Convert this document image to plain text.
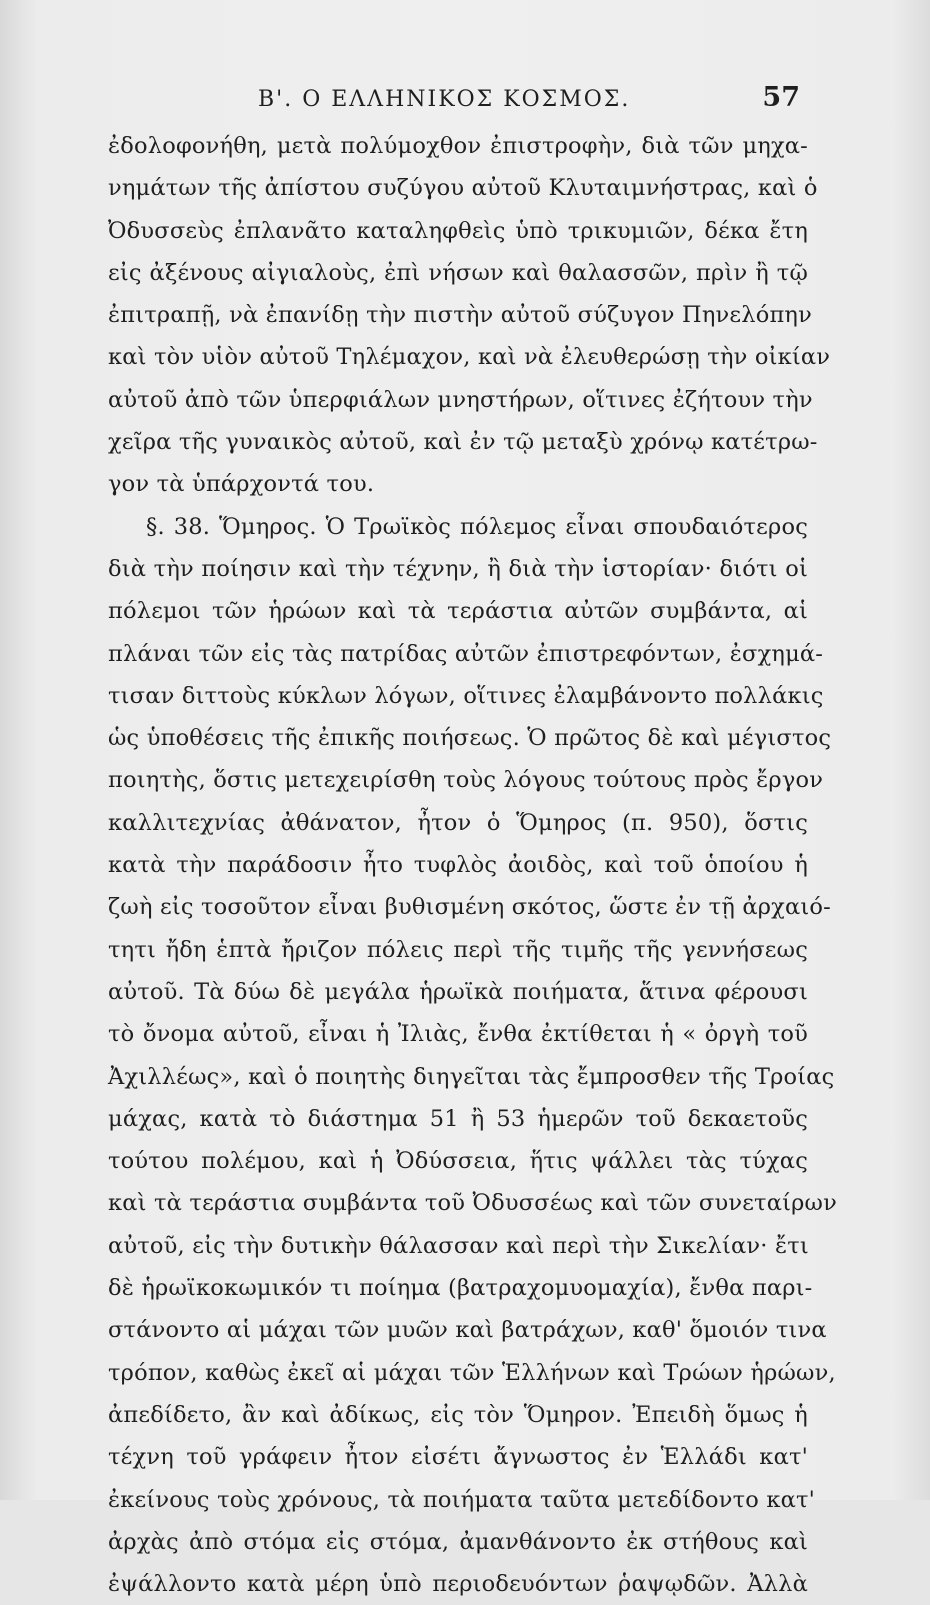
Β'. Ο ΕΛΛΗΝΙΚΟΣ ΚΟΣΜΟΣ.	57
ἐδολοφονήθη, μετὰ πολύμοχθον ἐπιστροφὴν, διὰ τῶν μηχα-
νημάτων τῆς ἀπίστου συζύγου αὐτοῦ Κλυταιμνήστρας, καὶ ὁ
Ὀδυσσεὺς ἐπλανᾶτο καταληφθεὶς ὑπὸ τρικυμιῶν, δέκα ἔτη
εἰς ἀξένους αἰγιαλοὺς, ἐπὶ νήσων καὶ θαλασσῶν, πρὶν ἢ τῷ
ἐπιτραπῇ, νὰ ἐπανίδῃ τὴν πιστὴν αὐτοῦ σύζυγον Πηνελόπην
καὶ τὸν υἱὸν αὐτοῦ Τηλέμαχον, καὶ νὰ ἐλευθερώσῃ τὴν οἰκίαν
αὐτοῦ ἀπὸ τῶν ὑπερφιάλων μνηστήρων, οἵτινες ἐζήτουν τὴν
χεῖρα τῆς γυναικὸς αὐτοῦ, καὶ ἐν τῷ μεταξὺ χρόνῳ κατέτρω-
γον τὰ ὑπάρχοντά του.
§. 38. Ὅμηρος. Ὁ Τρωϊκὸς πόλεμος εἶναι σπουδαιότερος
διὰ τὴν ποίησιν καὶ τὴν τέχνην, ἢ διὰ τὴν ἱστορίαν· διότι οἱ
πόλεμοι τῶν ἡρώων καὶ τὰ τεράστια αὐτῶν συμβάντα, αἱ
πλάναι τῶν εἰς τὰς πατρίδας αὐτῶν ἐπιστρεφόντων, ἐσχημά-
τισαν διττοὺς κύκλων λόγων, οἵτινες ἐλαμβάνοντο πολλάκις
ὡς ὑποθέσεις τῆς ἐπικῆς ποιήσεως. Ὁ πρῶτος δὲ καὶ μέγιστος
ποιητὴς, ὅστις μετεχειρίσθη τοὺς λόγους τούτους πρὸς ἔργον
καλλιτεχνίας ἀθάνατον, ἦτον ὁ Ὅμηρος (π. 950), ὅστις
κατὰ τὴν παράδοσιν ἦτο τυφλὸς ἀοιδὸς, καὶ τοῦ ὁποίου ἡ
ζωὴ εἰς τοσοῦτον εἶναι βυθισμένη σκότος, ὥστε ἐν τῇ ἀρχαιό-
τητι ἤδη ἑπτὰ ἤριζον πόλεις περὶ τῆς τιμῆς τῆς γεννήσεως
αὐτοῦ. Τὰ δύω δὲ μεγάλα ἡρωϊκὰ ποιήματα, ἅτινα φέρουσι
τὸ ὄνομα αὐτοῦ, εἶναι ἡ Ἰλιὰς, ἔνθα ἐκτίθεται ἡ « ὀργὴ τοῦ
Ἀχιλλέως», καὶ ὁ ποιητὴς διηγεῖται τὰς ἔμπροσθεν τῆς Τροίας
μάχας, κατὰ τὸ διάστημα 51 ἢ 53 ἡμερῶν τοῦ δεκαετοῦς
τούτου πολέμου, καὶ ἡ Ὀδύσσεια, ἥτις ψάλλει τὰς τύχας
καὶ τὰ τεράστια συμβάντα τοῦ Ὀδυσσέως καὶ τῶν συνεταίρων
αὐτοῦ, εἰς τὴν δυτικὴν θάλασσαν καὶ περὶ τὴν Σικελίαν· ἔτι
δὲ ἡρωϊκοκωμικόν τι ποίημα (βατραχομυομαχία), ἔνθα παρι-
στάνοντο αἱ μάχαι τῶν μυῶν καὶ βατράχων, καθ' ὅμοιόν τινα
τρόπον, καθὼς ἐκεῖ αἱ μάχαι τῶν Ἑλλήνων καὶ Τρώων ἡρώων,
ἀπεδίδετο, ἂν καὶ ἀδίκως, εἰς τὸν Ὅμηρον. Ἐπειδὴ ὅμως ἡ
τέχνη τοῦ γράφειν ἦτον εἰσέτι ἄγνωστος ἐν Ἑλλάδι κατ'
ἐκείνους τοὺς χρόνους, τὰ ποιήματα ταῦτα μετεδίδοντο κατ'
ἀρχὰς ἀπὸ στόμα εἰς στόμα, ἀμανθάνοντο ἐκ στήθους καὶ
ἐψάλλοντο κατὰ μέρη ὑπὸ περιοδευόντων ῥαψῳδῶν. Ἀλλὰ
